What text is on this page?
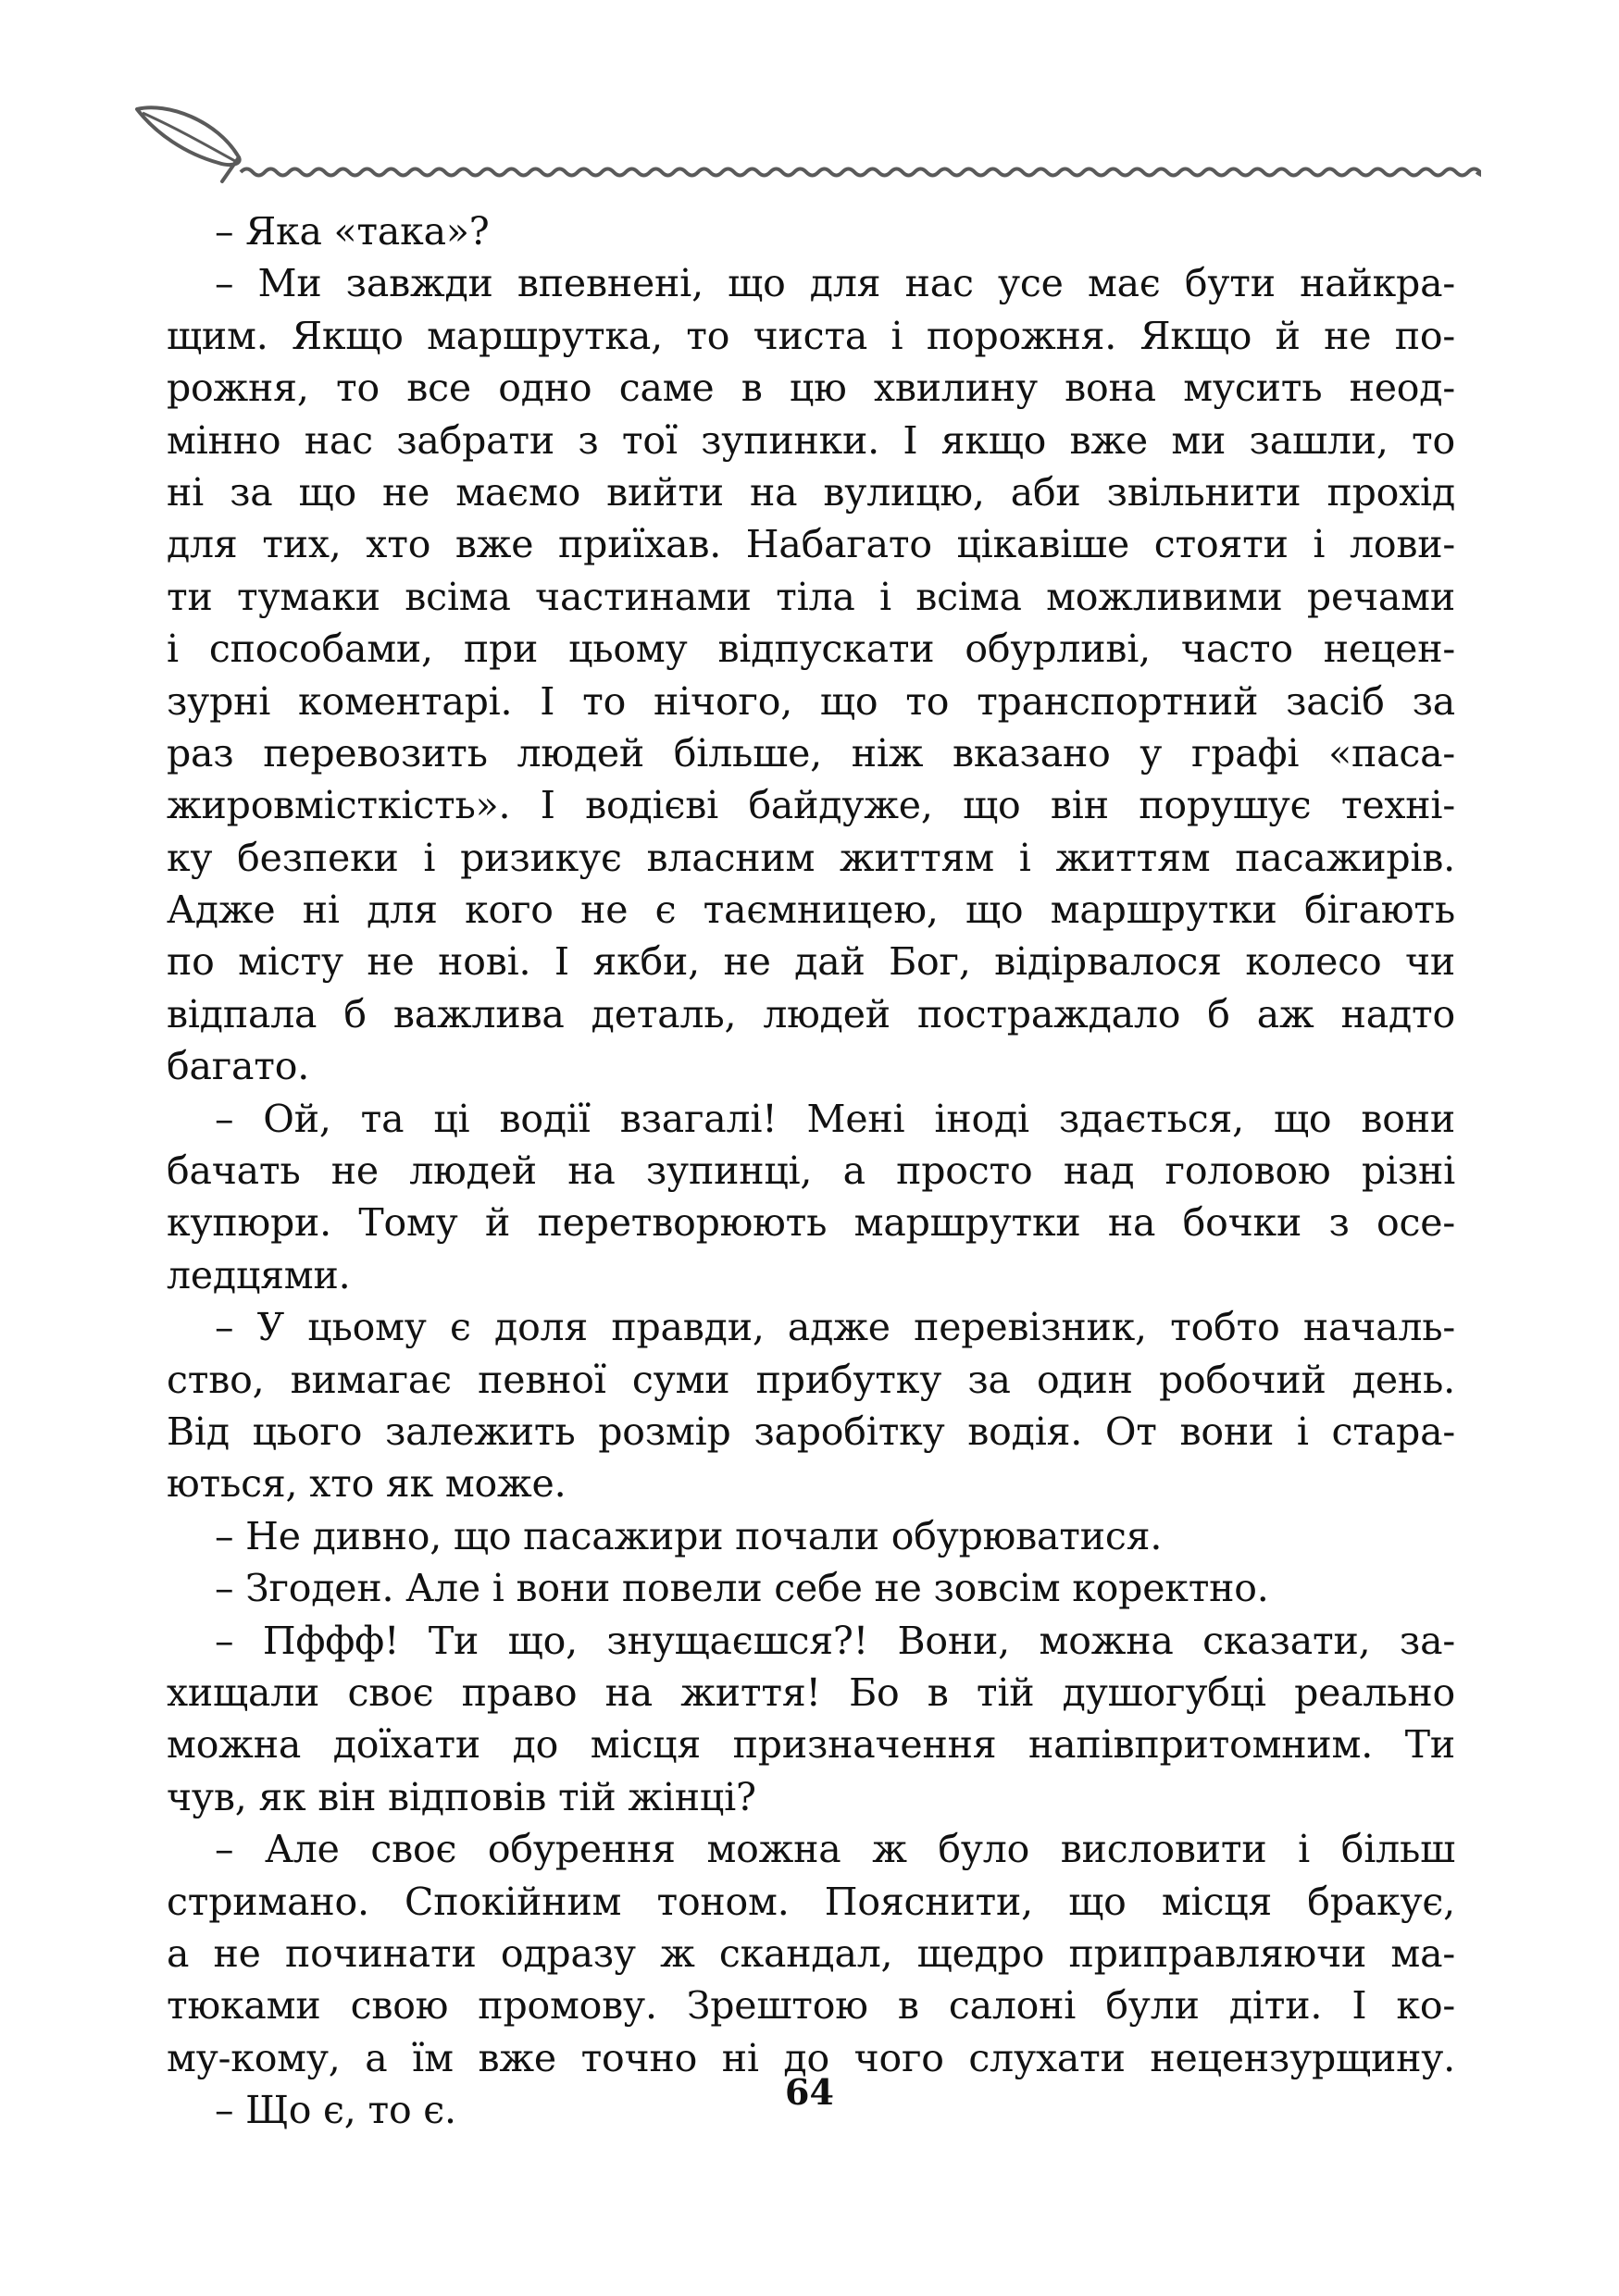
– Яка «така»?
– Ми завжди впевнені, що для нас усе має бути найкра-
щим. Якщо маршрутка, то чиста і порожня. Якщо й не по-
рожня, то все одно саме в цю хвилину вона мусить неод-
мінно нас забрати з тої зупинки. І якщо вже ми зашли, то
ні за що не маємо вийти на вулицю, аби звільнити прохід
для тих, хто вже приїхав. Набагато цікавіше стояти і лови-
ти тумаки всіма частинами тіла і всіма можливими речами
і способами, при цьому відпускати обурливі, часто нецен-
зурні коментарі. І то нічого, що то транспортний засіб за
раз перевозить людей більше, ніж вказано у графі «паса-
жировмісткість». І водієві байдуже, що він порушує техні-
ку безпеки і ризикує власним життям і життям пасажирів.
Адже ні для кого не є таємницею, що маршрутки бігають
по місту не нові. І якби, не дай Бог, відірвалося колесо чи
відпала б важлива деталь, людей постраждало б аж надто
багато.
– Ой, та ці водії взагалі! Мені іноді здається, що вони
бачать не людей на зупинці, а просто над головою різні
купюри. Тому й перетворюють маршрутки на бочки з осе-
ледцями.
– У цьому є доля правди, адже перевізник, тобто началь-
ство, вимагає певної суми прибутку за один робочий день.
Від цього залежить розмір заробітку водія. От вони і стара-
ються, хто як може.
– Не дивно, що пасажири почали обурюватися.
– Згоден. Але і вони повели себе не зовсім коректно.
– Пффф! Ти що, знущаєшся?! Вони, можна сказати, за-
хищали своє право на життя! Бо в тій душогубці реально
можна доїхати до місця призначення напівпритомним. Ти
чув, як він відповів тій жінці?
– Але своє обурення можна ж було висловити і більш
стримано. Спокійним тоном. Пояснити, що місця бракує,
а не починати одразу ж скандал, щедро приправляючи ма-
тюками свою промову. Зрештою в салоні були діти. І ко-
му-кому, а їм вже точно ні до чого слухати нецензурщину.
– Що є, то є.	64
